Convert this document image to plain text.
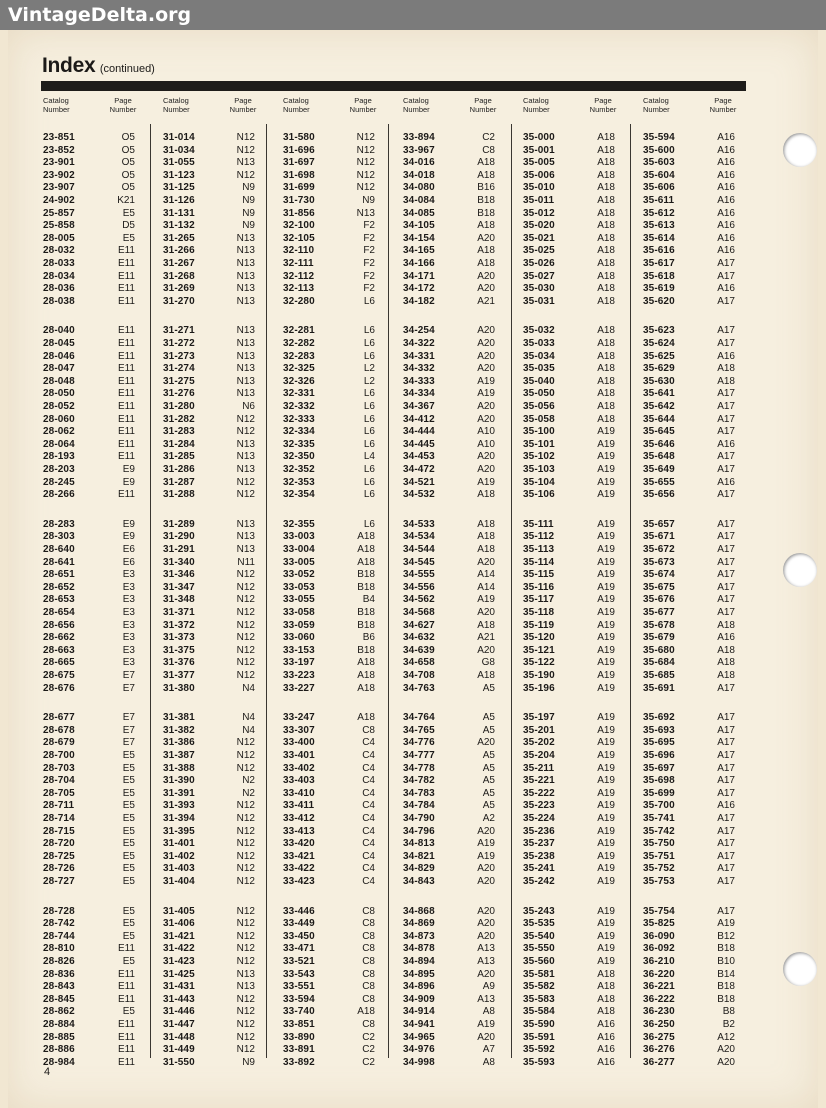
VintageDelta.org
Index (continued)
Catalog
Number
Page
Number
Catalog
Number
Page
Number
Catalog
Number
Page
Number
Catalog
Number
Page
Number
Catalog
Number
Page
Number
Catalog
Number
Page
Number
23-851	O5
23-852	O5
23-901	O5
23-902	O5
23-907	O5
24-902	K21
25-857	E5
25-858	D5
28-005	E5
28-032	E11
28-033	E11
28-034	E11
28-036	E11
28-038	E11
28-040	E11
28-045	E11
28-046	E11
28-047	E11
28-048	E11
28-050	E11
28-052	E11
28-060	E11
28-062	E11
28-064	E11
28-193	E11
28-203	E9
28-245	E9
28-266	E11
28-283	E9
28-303	E9
28-640	E6
28-641	E6
28-651	E3
28-652	E3
28-653	E3
28-654	E3
28-656	E3
28-662	E3
28-663	E3
28-665	E3
28-675	E7
28-676	E7
28-677	E7
28-678	E7
28-679	E7
28-700	E5
28-703	E5
28-704	E5
28-705	E5
28-711	E5
28-714	E5
28-715	E5
28-720	E5
28-725	E5
28-726	E5
28-727	E5
28-728	E5
28-742	E5
28-744	E5
28-810	E11
28-826	E5
28-836	E11
28-843	E11
28-845	E11
28-862	E5
28-884	E11
28-885	E11
28-886	E11
28-984	E11
31-014	N12
31-034	N12
31-055	N13
31-123	N12
31-125	N9
31-126	N9
31-131	N9
31-132	N9
31-265	N13
31-266	N13
31-267	N13
31-268	N13
31-269	N13
31-270	N13
31-271	N13
31-272	N13
31-273	N13
31-274	N13
31-275	N13
31-276	N13
31-280	N6
31-282	N12
31-283	N12
31-284	N13
31-285	N13
31-286	N13
31-287	N12
31-288	N12
31-289	N13
31-290	N13
31-291	N13
31-340	N11
31-346	N12
31-347	N12
31-348	N12
31-371	N12
31-372	N12
31-373	N12
31-375	N12
31-376	N12
31-377	N12
31-380	N4
31-381	N4
31-382	N4
31-386	N12
31-387	N12
31-388	N12
31-390	N2
31-391	N2
31-393	N12
31-394	N12
31-395	N12
31-401	N12
31-402	N12
31-403	N12
31-404	N12
31-405	N12
31-406	N12
31-421	N12
31-422	N12
31-423	N12
31-425	N13
31-431	N13
31-443	N12
31-446	N12
31-447	N12
31-448	N12
31-449	N12
31-550	N9
31-580	N12
31-696	N12
31-697	N12
31-698	N12
31-699	N12
31-730	N9
31-856	N13
32-100	F2
32-105	F2
32-110	F2
32-111	F2
32-112	F2
32-113	F2
32-280	L6
32-281	L6
32-282	L6
32-283	L6
32-325	L2
32-326	L2
32-331	L6
32-332	L6
32-333	L6
32-334	L6
32-335	L6
32-350	L4
32-352	L6
32-353	L6
32-354	L6
32-355	L6
33-003	A18
33-004	A18
33-005	A18
33-052	B18
33-053	B18
33-055	B4
33-058	B18
33-059	B18
33-060	B6
33-153	B18
33-197	A18
33-223	A18
33-227	A18
33-247	A18
33-307	C8
33-400	C4
33-401	C4
33-402	C4
33-403	C4
33-410	C4
33-411	C4
33-412	C4
33-413	C4
33-420	C4
33-421	C4
33-422	C4
33-423	C4
33-446	C8
33-449	C8
33-450	C8
33-471	C8
33-521	C8
33-543	C8
33-551	C8
33-594	C8
33-740	A18
33-851	C8
33-890	C2
33-891	C2
33-892	C2
33-894	C2
33-967	C8
34-016	A18
34-018	A18
34-080	B16
34-084	B18
34-085	B18
34-105	A18
34-154	A20
34-165	A18
34-166	A18
34-171	A20
34-172	A20
34-182	A21
34-254	A20
34-322	A20
34-331	A20
34-332	A20
34-333	A19
34-334	A19
34-367	A20
34-412	A20
34-444	A10
34-445	A10
34-453	A20
34-472	A20
34-521	A19
34-532	A18
34-533	A18
34-534	A18
34-544	A18
34-545	A20
34-555	A14
34-556	A14
34-562	A19
34-568	A20
34-627	A18
34-632	A21
34-639	A20
34-658	G8
34-708	A18
34-763	A5
34-764	A5
34-765	A5
34-776	A20
34-777	A5
34-778	A5
34-782	A5
34-783	A5
34-784	A5
34-790	A2
34-796	A20
34-813	A19
34-821	A19
34-829	A20
34-843	A20
34-868	A20
34-869	A20
34-873	A20
34-878	A13
34-894	A13
34-895	A20
34-896	A9
34-909	A13
34-914	A8
34-941	A19
34-965	A20
34-976	A7
34-998	A8
35-000	A18
35-001	A18
35-005	A18
35-006	A18
35-010	A18
35-011	A18
35-012	A18
35-020	A18
35-021	A18
35-025	A18
35-026	A18
35-027	A18
35-030	A18
35-031	A18
35-032	A18
35-033	A18
35-034	A18
35-035	A18
35-040	A18
35-050	A18
35-056	A18
35-058	A18
35-100	A19
35-101	A19
35-102	A19
35-103	A19
35-104	A19
35-106	A19
35-111	A19
35-112	A19
35-113	A19
35-114	A19
35-115	A19
35-116	A19
35-117	A19
35-118	A19
35-119	A19
35-120	A19
35-121	A19
35-122	A19
35-190	A19
35-196	A19
35-197	A19
35-201	A19
35-202	A19
35-204	A19
35-211	A19
35-221	A19
35-222	A19
35-223	A19
35-224	A19
35-236	A19
35-237	A19
35-238	A19
35-241	A19
35-242	A19
35-243	A19
35-535	A19
35-540	A19
35-550	A19
35-560	A19
35-581	A18
35-582	A18
35-583	A18
35-584	A18
35-590	A16
35-591	A16
35-592	A16
35-593	A16
35-594	A16
35-600	A16
35-603	A16
35-604	A16
35-606	A16
35-611	A16
35-612	A16
35-613	A16
35-614	A16
35-616	A16
35-617	A17
35-618	A17
35-619	A16
35-620	A17
35-623	A17
35-624	A17
35-625	A16
35-629	A18
35-630	A18
35-641	A17
35-642	A17
35-644	A17
35-645	A17
35-646	A16
35-648	A17
35-649	A17
35-655	A16
35-656	A17
35-657	A17
35-671	A17
35-672	A17
35-673	A17
35-674	A17
35-675	A17
35-676	A17
35-677	A17
35-678	A18
35-679	A16
35-680	A18
35-684	A18
35-685	A18
35-691	A17
35-692	A17
35-693	A17
35-695	A17
35-696	A17
35-697	A17
35-698	A17
35-699	A17
35-700	A16
35-741	A17
35-742	A17
35-750	A17
35-751	A17
35-752	A17
35-753	A17
35-754	A17
35-825	A19
36-090	B12
36-092	B18
36-210	B10
36-220	B14
36-221	B18
36-222	B18
36-230	B8
36-250	B2
36-275	A12
36-276	A20
36-277	A20
4
